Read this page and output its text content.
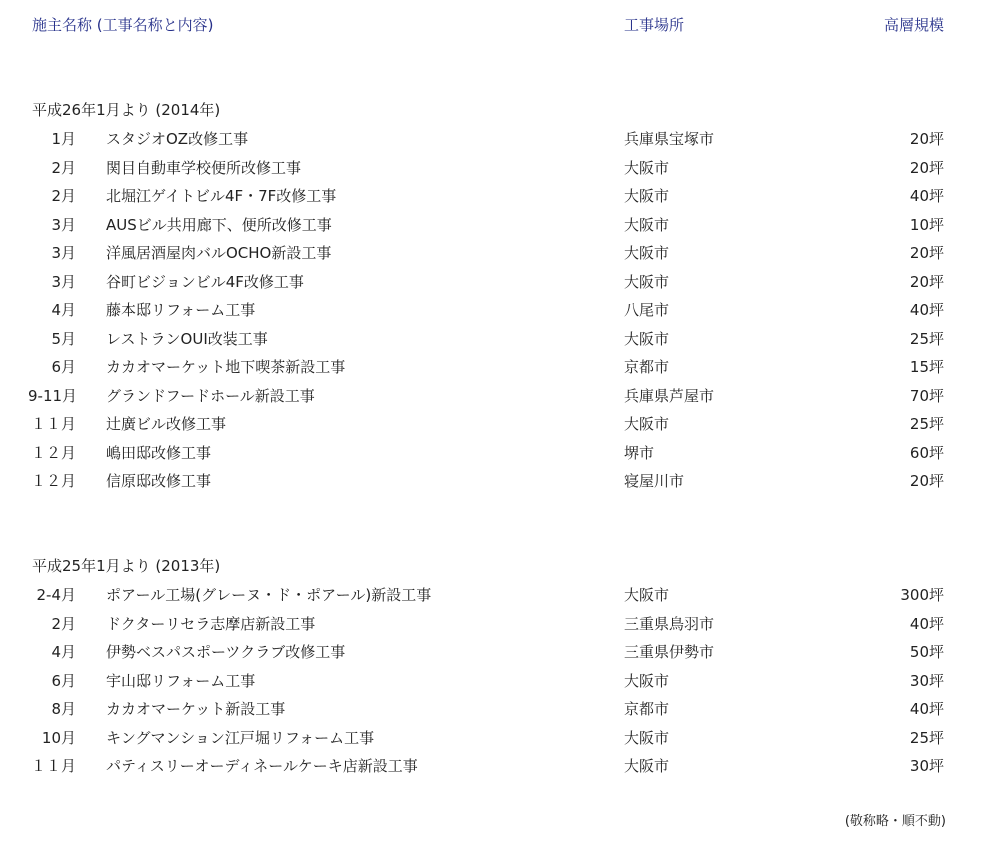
施主名称 (工事名称と内容)	工事場所	高層規模
平成26年1月より (2014年)
1月 スタジオOZ改修工事	兵庫県宝塚市	20坪
2月 関目自動車学校便所改修工事	大阪市	20坪
2月 北堀江ゲイトビル4F・7F改修工事	大阪市	40坪
3月 AUSビル共用廊下、便所改修工事	大阪市	10坪
3月 洋風居酒屋肉バルOCHO新設工事	大阪市	20坪
3月 谷町ビジョンビル4F改修工事	大阪市	20坪
4月 藤本邸リフォーム工事	八尾市	40坪
5月 レストランOUI改装工事	大阪市	25坪
6月 カカオマーケット地下喫茶新設工事	京都市	15坪
9-11月 グランドフードホール新設工事	兵庫県芦屋市	70坪
１１月 辻廣ビル改修工事	大阪市	25坪
１２月 嶋田邸改修工事	堺市	60坪
１２月 信原邸改修工事	寝屋川市	20坪
平成25年1月より (2013年)
2-4月 ポアール工場(グレーヌ・ド・ポアール)新設工事	大阪市	300坪
2月 ドクターリセラ志摩店新設工事	三重県鳥羽市	40坪
4月 伊勢ベスパスポーツクラブ改修工事	三重県伊勢市	50坪
6月 宇山邸リフォーム工事	大阪市	30坪
8月 カカオマーケット新設工事	京都市	40坪
10月 キングマンション江戸堀リフォーム工事	大阪市	25坪
１１月 パティスリーオーディネールケーキ店新設工事	大阪市	30坪
(敬称略・順不動)
